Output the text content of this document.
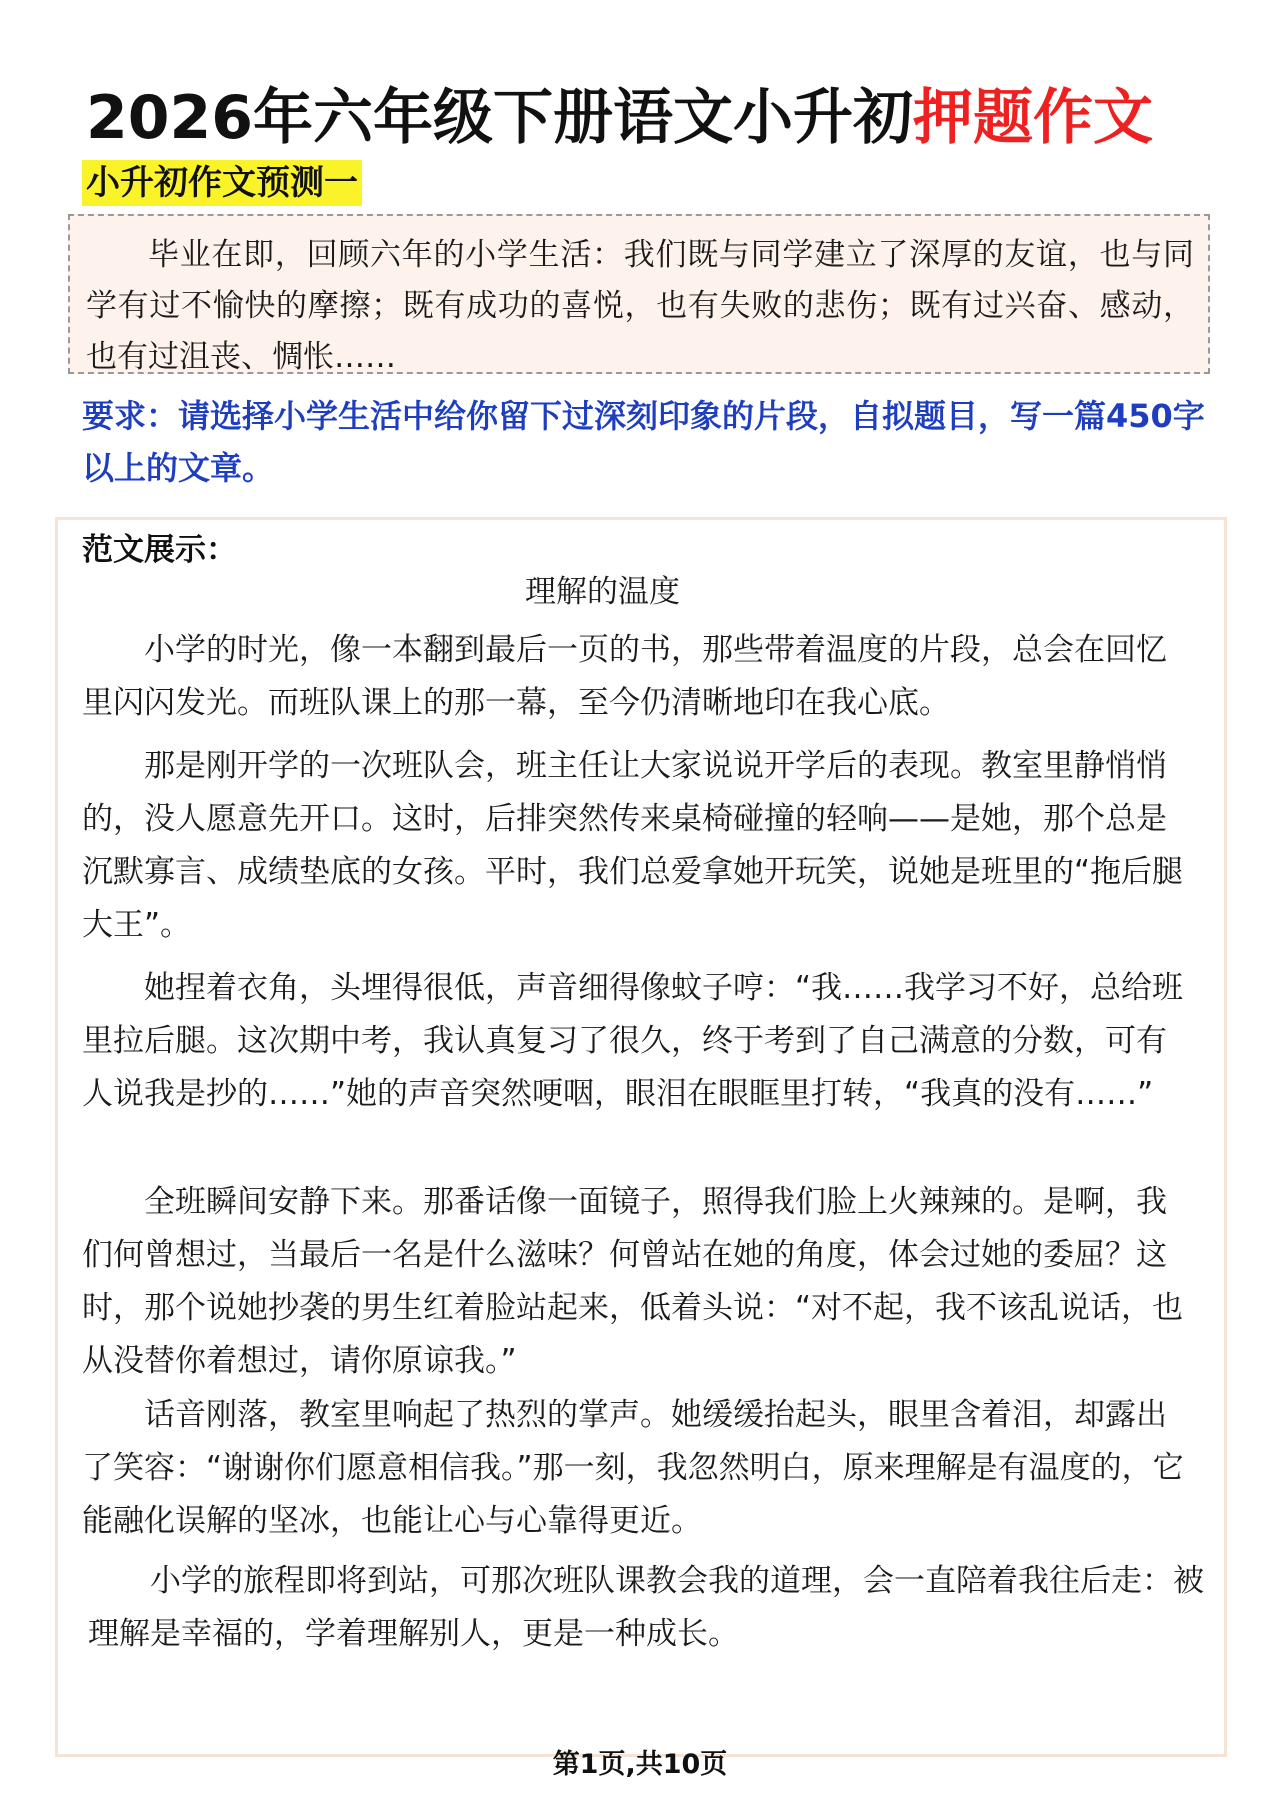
2026年六年级下册语文小升初押题作文
小升初作文预测一
毕业在即，回顾六年的小学生活：我们既与同学建立了深厚的友谊，也与同学有过不愉快的摩擦；既有成功的喜悦，也有失败的悲伤；既有过兴奋、感动，也有过沮丧、惆怅……
要求：请选择小学生活中给你留下过深刻印象的片段，自拟题目，写一篇450字以上的文章。
范文展示：
理解的温度
小学的时光，像一本翻到最后一页的书，那些带着温度的片段，总会在回忆里闪闪发光。而班队课上的那一幕，至今仍清晰地印在我心底。
那是刚开学的一次班队会，班主任让大家说说开学后的表现。教室里静悄悄的，没人愿意先开口。这时，后排突然传来桌椅碰撞的轻响——是她，那个总是沉默寡言、成绩垫底的女孩。平时，我们总爱拿她开玩笑，说她是班里的“拖后腿大王”。
她捏着衣角，头埋得很低，声音细得像蚊子哼：“我……我学习不好，总给班里拉后腿。这次期中考，我认真复习了很久，终于考到了自己满意的分数，可有人说我是抄的……”她的声音突然哽咽，眼泪在眼眶里打转，“我真的没有……”
全班瞬间安静下来。那番话像一面镜子，照得我们脸上火辣辣的。是啊，我们何曾想过，当最后一名是什么滋味？何曾站在她的角度，体会过她的委屈？这时，那个说她抄袭的男生红着脸站起来，低着头说：“对不起，我不该乱说话，也从没替你着想过，请你原谅我。”
话音刚落，教室里响起了热烈的掌声。她缓缓抬起头，眼里含着泪，却露出了笑容：“谢谢你们愿意相信我。”那一刻，我忽然明白，原来理解是有温度的，它能融化误解的坚冰，也能让心与心靠得更近。
小学的旅程即将到站，可那次班队课教会我的道理，会一直陪着我往后走：被理解是幸福的，学着理解别人，更是一种成长。
第1页,共10页
